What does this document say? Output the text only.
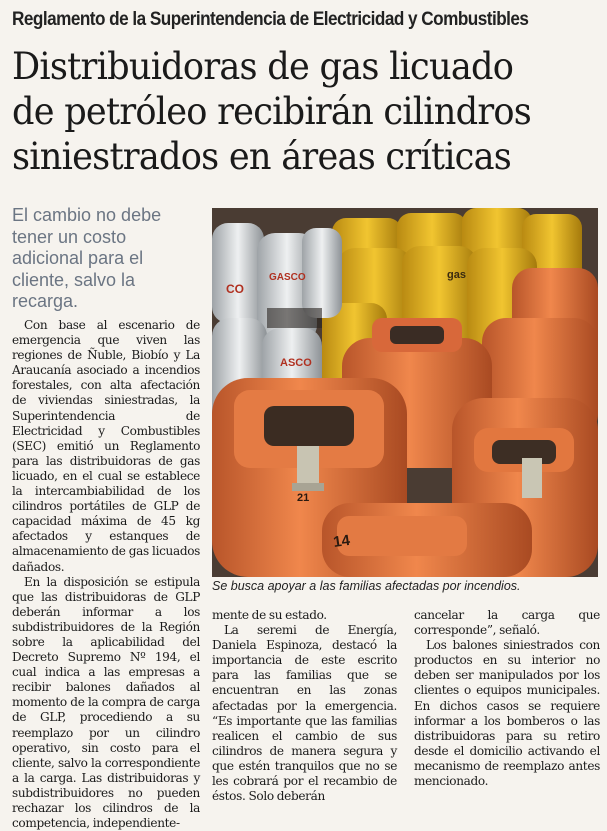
Reglamento de la Superintendencia de Electricidad y Combustibles
Distribuidoras de gas licuado
de petróleo recibirán cilindros
siniestrados en áreas críticas
El cambio no debe tener un costo adicional para el cliente, salvo la recarga.
gas
CO
GASCO
ASCO
21
14
Se busca apoyar a las familias afectadas por incendios.

Con base al escenario de emergencia que viven las regiones de Ñuble, Biobío y La Araucanía asociado a incendios forestales, con alta afectación de viviendas siniestradas, la Superintendencia de Electricidad y Combustibles (SEC) emitió un Reglamento para las distribuidoras de gas licuado, en el cual se establece la intercambiabilidad de los cilindros portátiles de GLP de capacidad máxima de 45 kg afectados y estanques de almacenamiento de gas licuados dañados.

En la disposición se estipula que las distribuidoras de GLP deberán informar a los subdistribuidores de la Región sobre la aplicabilidad del Decreto Supremo Nº 194, el cual indica a las empresas a recibir balones dañados al momento de la compra de carga de GLP, procediendo a su reemplazo por un cilindro operativo, sin costo para el cliente, salvo la correspondiente a la carga. Las distribuidoras y subdistribuidores no pueden rechazar los cilindros de la competencia, independiente-

mente de su estado.

La seremi de Energía, Daniela Espinoza, destacó la importancia de este escrito para las familias que se encuentran en las zonas afectadas por la emergencia. “Es importante que las familias realicen el cambio de sus cilindros de manera segura y que estén tranquilos que no se les cobrará por el recambio de éstos. Solo deberán

cancelar la carga que corresponde”, señaló.

Los balones siniestrados con productos en su interior no deben ser manipulados por los clientes o equipos municipales. En dichos casos se requiere informar a los bomberos o las distribuidoras para su retiro desde el domicilio activando el mecanismo de reemplazo antes mencionado.
